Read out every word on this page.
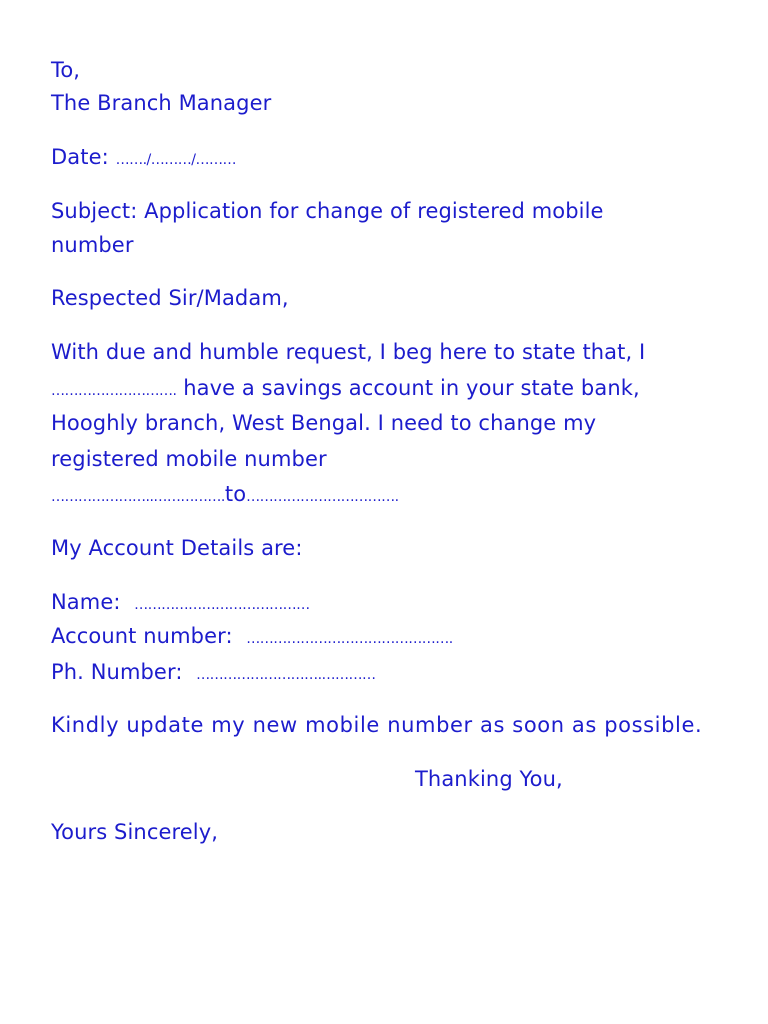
To,
The Branch Manager
Date: ……./………/………
Subject: Application for change of registered mobile
number
Respected Sir/Madam,
With due and humble request, I beg here to state that, I
………………………. have a savings account in your state bank,
Hooghly branch, West Bengal. I need to change my
registered mobile number
…………………..…………….to…………………………….
My Account Details are:
Name: …………………………………
Account number: ……………………………………….
Ph. Number: ……………………….…………
Kindly update my new mobile number as soon as possible.
Thanking You,
Yours Sincerely,
